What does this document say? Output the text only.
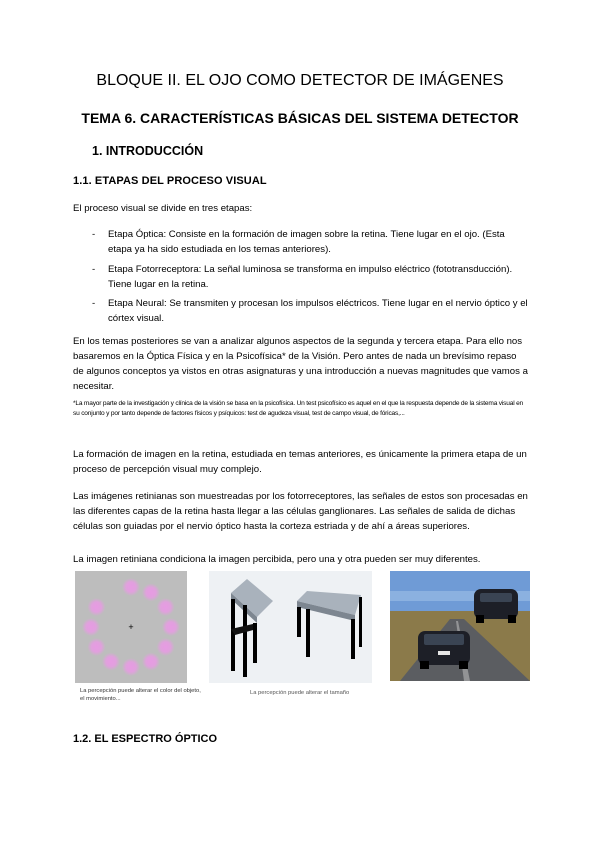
BLOQUE II. EL OJO COMO DETECTOR DE IMÁGENES
TEMA 6. CARACTERÍSTICAS BÁSICAS DEL SISTEMA DETECTOR
1. INTRODUCCIÓN
1.1. ETAPAS DEL PROCESO VISUAL
El proceso visual se divide en tres etapas:
- Etapa Óptica: Consiste en la formación de imagen sobre la retina. Tiene lugar en el ojo. (Esta etapa ya ha sido estudiada en los temas anteriores).
- Etapa Fotorreceptora: La señal luminosa se transforma en impulso eléctrico (fototransducción). Tiene lugar en la retina.
- Etapa Neural: Se transmiten y procesan los impulsos eléctricos. Tiene lugar en el nervio óptico y el córtex visual.
En los temas posteriores se van a analizar algunos aspectos de la segunda y tercera etapa. Para ello nos basaremos en la Óptica Física y en la Psicofísica* de la Visión. Pero antes de nada un brevísimo repaso de algunos conceptos ya vistos en otras asignaturas y una introducción a nuevas magnitudes que vamos a necesitar.
*La mayor parte de la investigación y clínica de la visión se basa en la psicofísica. Un test psicofísico es aquel en el que la respuesta depende de la sistema visual en su conjunto y por tanto depende de factores físicos y psíquicos: test de agudeza visual, test de campo visual, de fóricas,...
La formación de imagen en la retina, estudiada en temas anteriores, es únicamente la primera etapa de un proceso de percepción visual muy complejo.
Las imágenes retinianas son muestreadas por los fotorreceptores, las señales de estos son procesadas en las diferentes capas de la retina hasta llegar a las células ganglionares. Las señales de salida de dichas células son guiadas por el nervio óptico hasta la corteza estriada y de ahí a áreas superiores.
La imagen retiniana condiciona la imagen percibida, pero una y otra pueden ser muy diferentes.
+
La percepción puede alterar el color del objeto, el movimiento...
La percepción puede alterar el tamaño
1.2. EL ESPECTRO ÓPTICO
